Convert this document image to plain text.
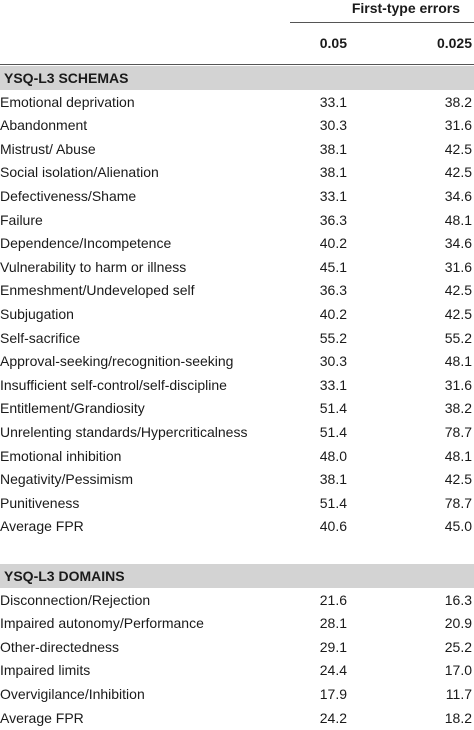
First-type errors
0.05	0.025
YSQ-L3 SCHEMAS
Emotional deprivation	33.1	38.2
Abandonment	30.3	31.6
Mistrust/ Abuse	38.1	42.5
Social isolation/Alienation	38.1	42.5
Defectiveness/Shame	33.1	34.6
Failure	36.3	48.1
Dependence/Incompetence	40.2	34.6
Vulnerability to harm or illness	45.1	31.6
Enmeshment/Undeveloped self	36.3	42.5
Subjugation	40.2	42.5
Self-sacrifice	55.2	55.2
Approval-seeking/recognition-seeking	30.3	48.1
Insufficient self-control/self-discipline	33.1	31.6
Entitlement/Grandiosity	51.4	38.2
Unrelenting standards/Hypercriticalness	51.4	78.7
Emotional inhibition	48.0	48.1
Negativity/Pessimism	38.1	42.5
Punitiveness	51.4	78.7
Average FPR	40.6	45.0
YSQ-L3 DOMAINS
Disconnection/Rejection	21.6	16.3
Impaired autonomy/Performance	28.1	20.9
Other-directedness	29.1	25.2
Impaired limits	24.4	17.0
Overvigilance/Inhibition	17.9	11.7
Average FPR	24.2	18.2
